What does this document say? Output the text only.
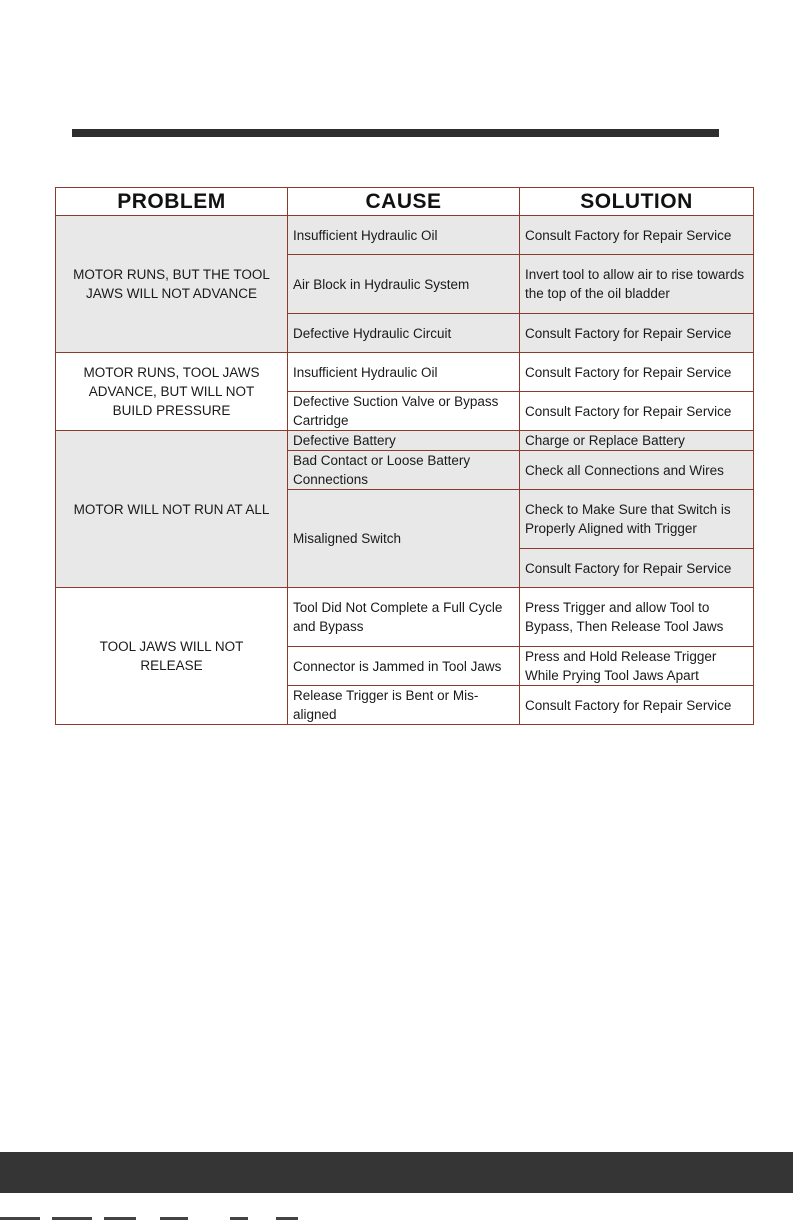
PROBLEM	CAUSE	SOLUTION
MOTOR RUNS, BUT THE TOOL JAWS WILL NOT ADVANCE	Insufficient Hydraulic Oil	Consult Factory for Repair Service
	Air Block in Hydraulic System	Invert tool to allow air to rise towards the top of the oil bladder
	Defective Hydraulic Circuit	Consult Factory for Repair Service
MOTOR RUNS, TOOL JAWS ADVANCE, BUT WILL NOT BUILD PRESSURE	Insufficient Hydraulic Oil	Consult Factory for Repair Service
	Defective Suction Valve or Bypass Cartridge	Consult Factory for Repair Service
MOTOR WILL NOT RUN AT ALL	Defective Battery	Charge or Replace Battery
	Bad Contact or Loose Battery Connections	Check all Connections and Wires
	Misaligned Switch	Check to Make Sure that Switch is Properly Aligned with Trigger
		Consult Factory for Repair Service
TOOL JAWS WILL NOT RELEASE	Tool Did Not Complete a Full Cycle and Bypass	Press Trigger and allow Tool to Bypass, Then Release Tool Jaws
	Connector is Jammed in Tool Jaws	Press and Hold Release Trigger While Prying Tool Jaws Apart
	Release Trigger is Bent or Mis-aligned	Consult Factory for Repair Service
